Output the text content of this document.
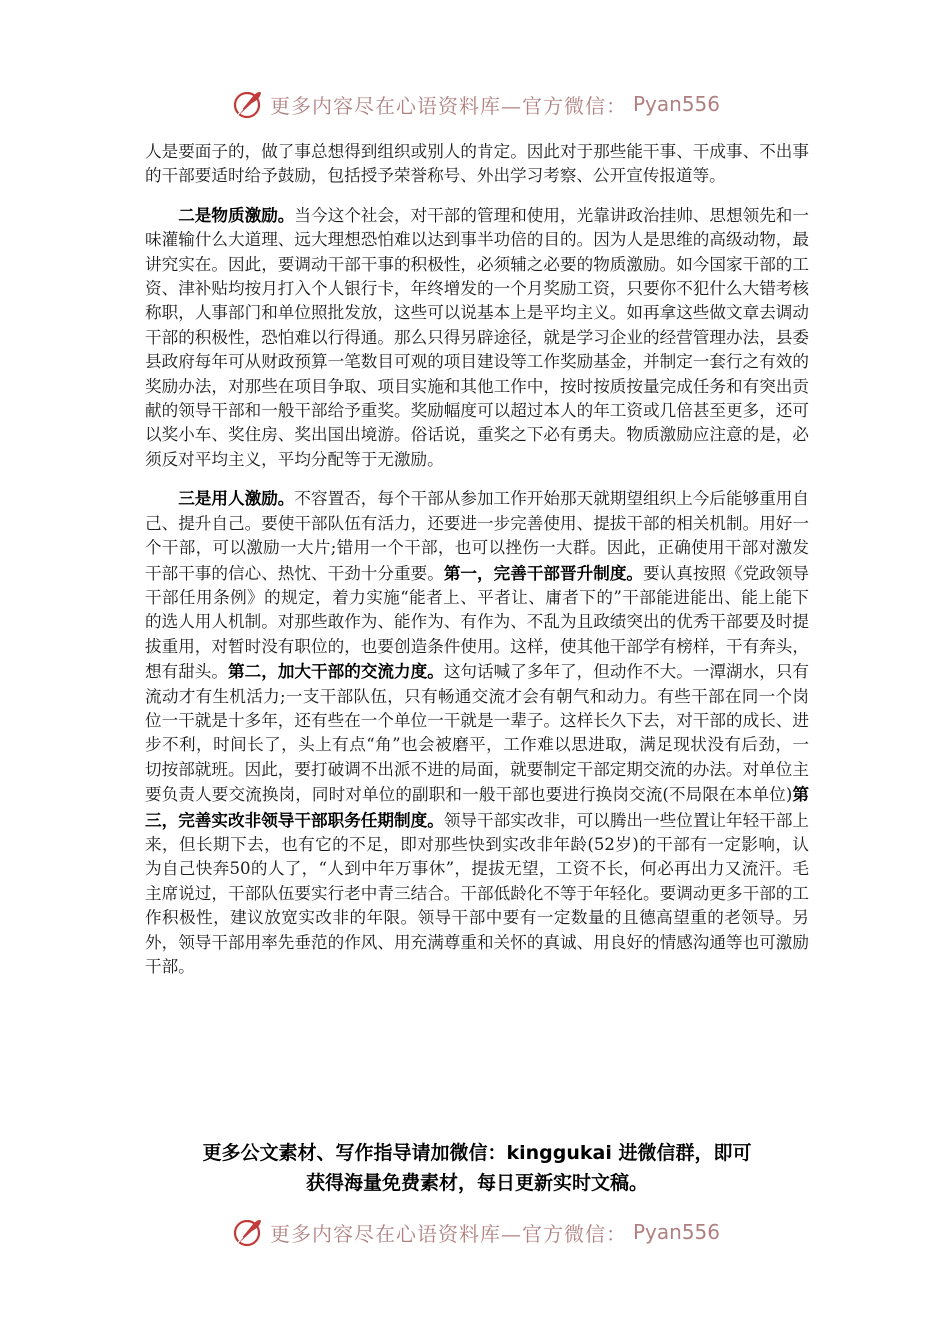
更多内容尽在心语资料库—官方微信： Pyan556

人是要面子的，做了事总想得到组织或别人的肯定。因此对于那些能干事、干成事、不出事的干部要适时给予鼓励，包括授予荣誉称号、外出学习考察、公开宣传报道等。

二是物质激励。当今这个社会，对干部的管理和使用，光靠讲政治挂帅、思想领先和一味灌输什么大道理、远大理想恐怕难以达到事半功倍的目的。因为人是思维的高级动物，最讲究实在。因此，要调动干部干事的积极性，必须辅之必要的物质激励。如今国家干部的工资、津补贴均按月打入个人银行卡，年终增发的一个月奖励工资，只要你不犯什么大错考核称职，人事部门和单位照批发放，这些可以说基本上是平均主义。如再拿这些做文章去调动干部的积极性，恐怕难以行得通。那么只得另辟途径，就是学习企业的经营管理办法，县委县政府每年可从财政预算一笔数目可观的项目建设等工作奖励基金，并制定一套行之有效的奖励办法，对那些在项目争取、项目实施和其他工作中，按时按质按量完成任务和有突出贡献的领导干部和一般干部给予重奖。奖励幅度可以超过本人的年工资或几倍甚至更多，还可以奖小车、奖住房、奖出国出境游。俗话说，重奖之下必有勇夫。物质激励应注意的是，必须反对平均主义，平均分配等于无激励。

三是用人激励。不容置否，每个干部从参加工作开始那天就期望组织上今后能够重用自己、提升自己。要使干部队伍有活力，还要进一步完善使用、提拔干部的相关机制。用好一个干部，可以激励一大片;错用一个干部，也可以挫伤一大群。因此，正确使用干部对激发干部干事的信心、热忱、干劲十分重要。第一，完善干部晋升制度。要认真按照《党政领导干部任用条例》的规定，着力实施“能者上、平者让、庸者下的”干部能进能出、能上能下的选人用人机制。对那些敢作为、能作为、有作为、不乱为且政绩突出的优秀干部要及时提拔重用，对暂时没有职位的，也要创造条件使用。这样，使其他干部学有榜样，干有奔头，想有甜头。第二，加大干部的交流力度。这句话喊了多年了，但动作不大。一潭湖水，只有流动才有生机活力;一支干部队伍，只有畅通交流才会有朝气和动力。有些干部在同一个岗位一干就是十多年，还有些在一个单位一干就是一辈子。这样长久下去，对干部的成长、进步不利，时间长了，头上有点“角”也会被磨平，工作难以思进取，满足现状没有后劲，一切按部就班。因此，要打破调不出派不进的局面，就要制定干部定期交流的办法。对单位主要负责人要交流换岗，同时对单位的副职和一般干部也要进行换岗交流(不局限在本单位)第三，完善实改非领导干部职务任期制度。领导干部实改非，可以腾出一些位置让年轻干部上来，但长期下去，也有它的不足，即对那些快到实改非年龄(52岁)的干部有一定影响，认为自己快奔50的人了，“人到中年万事休”，提拔无望，工资不长，何必再出力又流汗。毛主席说过，干部队伍要实行老中青三结合。干部低龄化不等于年轻化。要调动更多干部的工作积极性，建议放宽实改非的年限。领导干部中要有一定数量的且德高望重的老领导。另外，领导干部用率先垂范的作风、用充满尊重和关怀的真诚、用良好的情感沟通等也可激励干部。

更多公文素材、写作指导请加微信：kinggukai 进微信群，即可
获得海量免费素材，每日更新实时文稿。
更多内容尽在心语资料库—官方微信： Pyan556
